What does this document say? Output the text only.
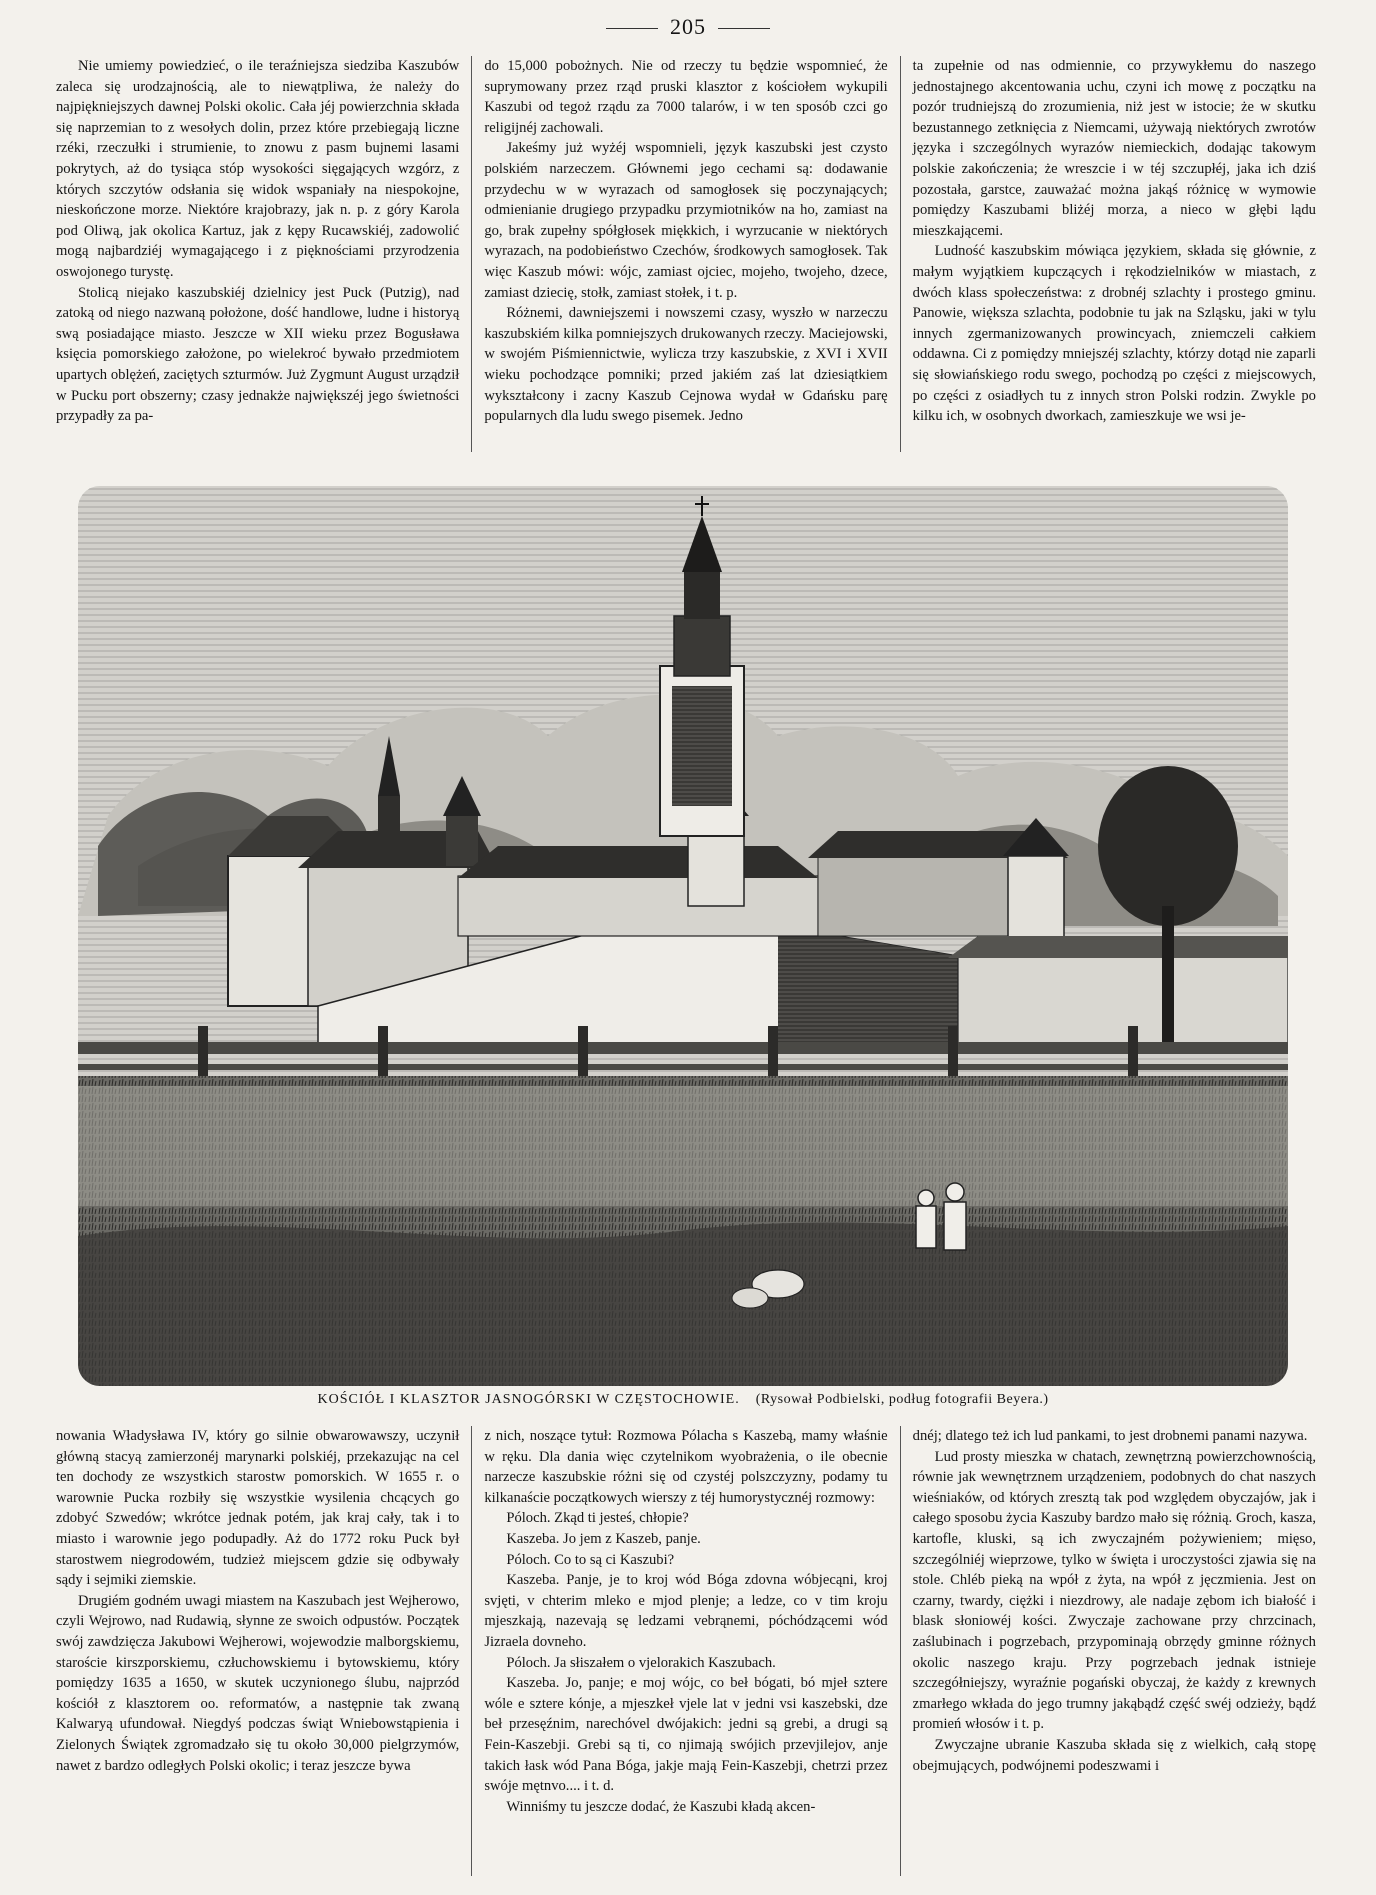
205

Nie umiemy powiedzieć, o ile teraźniejsza siedziba Kaszubów zaleca się urodzajnością, ale to niewątpliwa, że należy do najpiękniejszych dawnej Polski okolic. Cała jéj powierzchnia składa się naprzemian to z wesołych dolin, przez które przebiegają liczne rzéki, rzeczułki i strumienie, to znowu z pasm bujnemi lasami pokrytych, aż do tysiąca stóp wysokości sięgających wzgórz, z których szczytów odsłania się widok wspaniały na niespokojne, nieskończone morze. Niektóre krajobrazy, jak n. p. z góry Karola pod Oliwą, jak okolica Kartuz, jak z kępy Rucawskiéj, zadowolić mogą najbardziéj wymagającego i z pięknościami przyrodzenia oswojonego turystę.

Stolicą niejako kaszubskiéj dzielnicy jest Puck (Putzig), nad zatoką od niego nazwaną położone, dość handlowe, ludne i historyą swą posiadające miasto. Jeszcze w XII wieku przez Bogusława księcia pomorskiego założone, po wielekroć bywało przedmiotem upartych oblężeń, zaciętych szturmów. Już Zygmunt August urządził w Pucku port obszerny; czasy jednakże największéj jego świetności przypadły za pa-

do 15,000 pobożnych. Nie od rzeczy tu będzie wspomnieć, że suprymowany przez rząd pruski klasztor z kościołem wykupili Kaszubi od tegoż rządu za 7000 talarów, i w ten sposób czci go religijnéj zachowali.

Jakeśmy już wyżéj wspomnieli, język kaszubski jest czysto polskiém narzeczem. Głównemi jego cechami są: dodawanie przydechu w w wyrazach od samogłosek się poczynających; odmienianie drugiego przypadku przymiotników na ho, zamiast na go, brak zupełny spółgłosek miękkich, i wyrzucanie w niektórych wyrazach, na podobieństwo Czechów, środkowych samogłosek. Tak więc Kaszub mówi: wójc, zamiast ojciec, mojeho, twojeho, dzece, zamiast dziecię, stołk, zamiast stołek, i t. p.

Różnemi, dawniejszemi i nowszemi czasy, wyszło w narzeczu kaszubskiém kilka pomniejszych drukowanych rzeczy. Maciejowski, w swojém Piśmiennictwie, wylicza trzy kaszubskie, z XVI i XVII wieku pochodzące pomniki; przed jakiém zaś lat dziesiątkiem wykształcony i zacny Kaszub Cejnowa wydał w Gdańsku parę popularnych dla ludu swego pisemek. Jedno

ta zupełnie od nas odmiennie, co przywykłemu do naszego jednostajnego akcentowania uchu, czyni ich mowę z początku na pozór trudniejszą do zrozumienia, niż jest w istocie; że w skutku bezustannego zetknięcia z Niemcami, używają niektórych zwrotów języka i szczególnych wyrazów niemieckich, dodając takowym polskie zakończenia; że wreszcie i w téj szczupłéj, jaka ich dziś pozostała, garstce, zauważać można jakąś różnicę w wymowie pomiędzy Kaszubami bliżéj morza, a nieco w głębi lądu mieszkającemi.

Ludność kaszubskim mówiąca językiem, składa się głównie, z małym wyjątkiem kupczących i rękodzielników w miastach, z dwóch klass społeczeństwa: z drobnéj szlachty i prostego gminu. Panowie, większa szlachta, podobnie tu jak na Szląsku, jaki w tylu innych zgermanizowanych prowincyach, zniemczeli całkiem oddawna. Ci z pomiędzy mniejszéj szlachty, którzy dotąd nie zaparli się słowiańskiego rodu swego, pochodzą po części z miejscowych, po części z osiadłych tu z innych stron Polski rodzin. Zwykle po kilku ich, w osobnych dworkach, zamieszkuje we wsi je-

KOŚCIÓŁ I KLASZTOR JASNOGÓRSKI W CZĘSTOCHOWIE. (Rysował Podbielski, podług fotografii Beyera.)

nowania Władysława IV, który go silnie obwarowawszy, uczynił główną stacyą zamierzonéj marynarki polskiéj, przekazując na cel ten dochody ze wszystkich starostw pomorskich. W 1655 r. o warownie Pucka rozbiły się wszystkie wysilenia chcących go zdobyć Szwedów; wkrótce jednak potém, jak kraj cały, tak i to miasto i warownie jego podupadły. Aż do 1772 roku Puck był starostwem niegrodowém, tudzież miejscem gdzie się odbywały sądy i sejmiki ziemskie.

Drugiém godném uwagi miastem na Kaszubach jest Wejherowo, czyli Wejrowo, nad Rudawią, słynne ze swoich odpustów. Początek swój zawdzięcza Jakubowi Wejherowi, wojewodzie malborgskiemu, staroście kirszporskiemu, człuchowskiemu i bytowskiemu, który pomiędzy 1635 a 1650, w skutek uczynionego ślubu, najprzód kościół z klasztorem oo. reformatów, a następnie tak zwaną Kalwaryą ufundował. Niegdyś podczas świąt Wniebowstąpienia i Zielonych Świątek zgromadzało się tu około 30,000 pielgrzymów, nawet z bardzo odległych Polski okolic; i teraz jeszcze bywa

z nich, noszące tytuł: Rozmowa Pólacha s Kaszebą, mamy właśnie w ręku. Dla dania więc czytelnikom wyobrażenia, o ile obecnie narzecze kaszubskie różni się od czystéj polszczyzny, podamy tu kilkanaście początkowych wierszy z téj humorystycznéj rozmowy:

Póloch. Zkąd ti jesteś, chłopie?

Kaszeba. Jo jem z Kaszeb, panje.

Póloch. Co to są ci Kaszubi?

Kaszeba. Panje, je to kroj wód Bóga zdovna wóbjecąni, kroj svjęti, v chterim mleko e mjod plenje; a ledze, co v tim kroju mjeszkają, nazevają sę ledzami vebrąnemi, póchódzącemi wód Jizraela dovneho.

Póloch. Ja słiszałem o vjelorakich Kaszubach.

Kaszeba. Jo, panje; e moj wójc, co beł bógati, bó mjeł sztere wóle e sztere kónje, a mjeszkeł vjele lat v jedni vsi kaszebski, dze beł przesęźnim, narechóvel dwójakich: jedni są grebi, a drugi są Fein-Kaszebji. Grebi są ti, co njimają swójich przevjilejov, anje takich łask wód Pana Bóga, jakje mają Fein-Kaszebji, chetrzi przez swóje mętnvo.... i t. d.

Winniśmy tu jeszcze dodać, że Kaszubi kładą akcen-

dnéj; dlatego też ich lud pankami, to jest drobnemi panami nazywa.

Lud prosty mieszka w chatach, zewnętrzną powierzchownością, równie jak wewnętrznem urządzeniem, podobnych do chat naszych wieśniaków, od których zresztą tak pod względem obyczajów, jak i całego sposobu życia Kaszuby bardzo mało się różnią. Groch, kasza, kartofle, kluski, są ich zwyczajném pożywieniem; mięso, szczególniéj wieprzowe, tylko w święta i uroczystości zjawia się na stole. Chléb pieką na wpół z żyta, na wpół z jęczmienia. Jest on czarny, twardy, ciężki i niezdrowy, ale nadaje zębom ich białość i blask słoniowéj kości. Zwyczaje zachowane przy chrzcinach, zaślubinach i pogrzebach, przypominają obrzędy gminne różnych okolic naszego kraju. Przy pogrzebach jednak istnieje szczegółniejszy, wyraźnie pogański obyczaj, że każdy z krewnych zmarłego wkłada do jego trumny jakąbądź część swéj odzieży, bądź promień włosów i t. p.

Zwyczajne ubranie Kaszuba składa się z wielkich, całą stopę obejmujących, podwójnemi podeszwami i
